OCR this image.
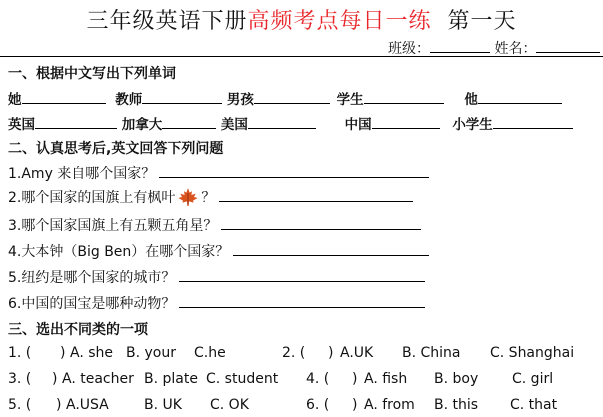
三年级英语下册高频考点每日一练 第一天
班级：	姓名：
一、根据中文写出下列单词
她	教师	男孩	学生	他
英国	加拿大	美国	中国	小学生
二、认真思考后,英文回答下列问题
1.Amy 来自哪个国家？
2.哪个国家的国旗上有枫叶 ？
3.哪个国家国旗上有五颗五角星？
4.大本钟（Big Ben）在哪个国家？
5.纽约是哪个国家的城市？
6.中国的国宝是哪种动物？
三、选出不同类的一项
1. ( ) A. she B. your C.he	2. ( ) A.UK B. China C. Shanghai
3. ( ) A. teacher B. plate C. student 4. ( ) A. fish B. boy C. girl
5. ( ) A.USA	B. UK C. OK	6. ( ) A. from B. this C. that
